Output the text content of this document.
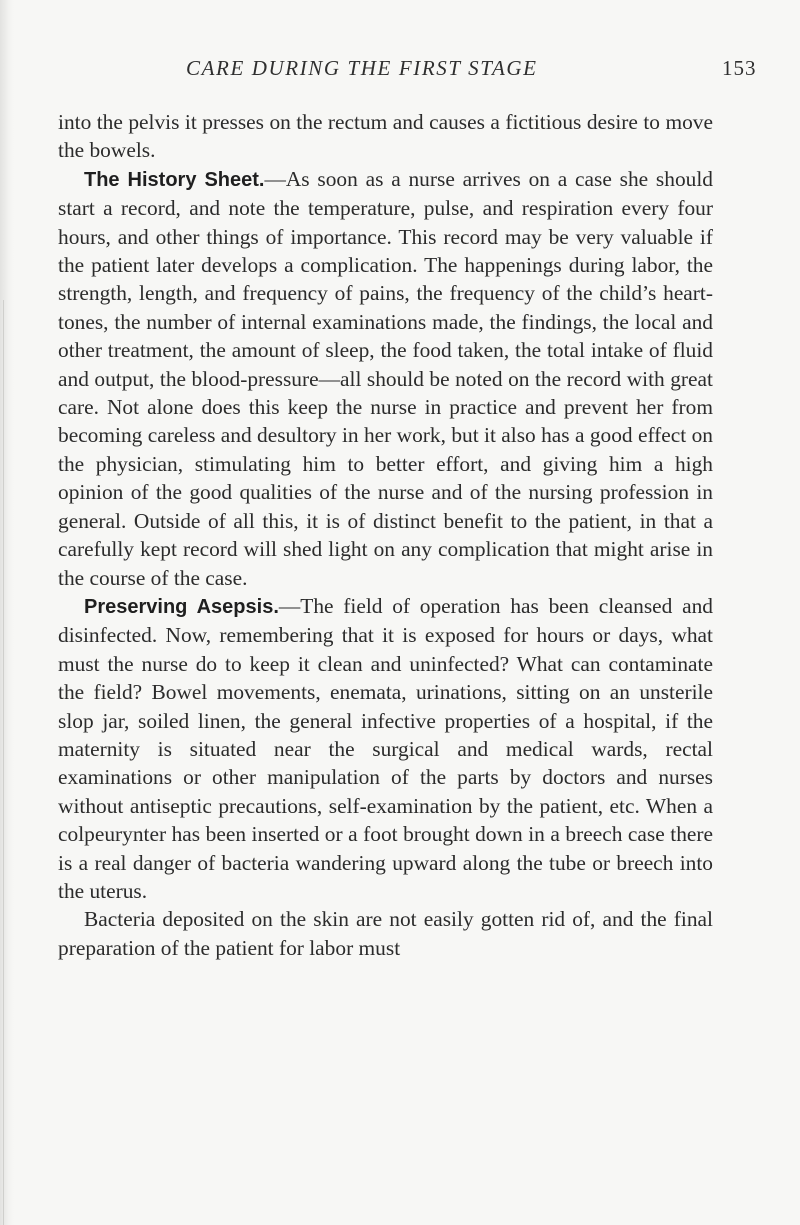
CARE DURING THE FIRST STAGE	153

into the pelvis it presses on the rectum and causes a fictitious desire to move the bowels.

The History Sheet.—As soon as a nurse arrives on a case she should start a record, and note the temperature, pulse, and respiration every four hours, and other things of importance. This record may be very valuable if the patient later develops a complication. The happenings during labor, the strength, length, and frequency of pains, the frequency of the child’s heart-tones, the number of internal examinations made, the findings, the local and other treatment, the amount of sleep, the food taken, the total intake of fluid and output, the blood-pressure—all should be noted on the record with great care. Not alone does this keep the nurse in practice and prevent her from becoming careless and desultory in her work, but it also has a good effect on the physician, stimulating him to better effort, and giving him a high opinion of the good qualities of the nurse and of the nursing profession in general. Outside of all this, it is of distinct benefit to the patient, in that a carefully kept record will shed light on any complication that might arise in the course of the case.

Preserving Asepsis.—The field of operation has been cleansed and disinfected. Now, remembering that it is exposed for hours or days, what must the nurse do to keep it clean and uninfected? What can contaminate the field? Bowel movements, enemata, urinations, sitting on an unsterile slop jar, soiled linen, the general infective properties of a hospital, if the maternity is situated near the surgical and medical wards, rectal examinations or other manipulation of the parts by doctors and nurses without antiseptic precautions, self-examination by the patient, etc. When a colpeurynter has been inserted or a foot brought down in a breech case there is a real danger of bacteria wandering upward along the tube or breech into the uterus.

Bacteria deposited on the skin are not easily gotten rid of, and the final preparation of the patient for labor must
